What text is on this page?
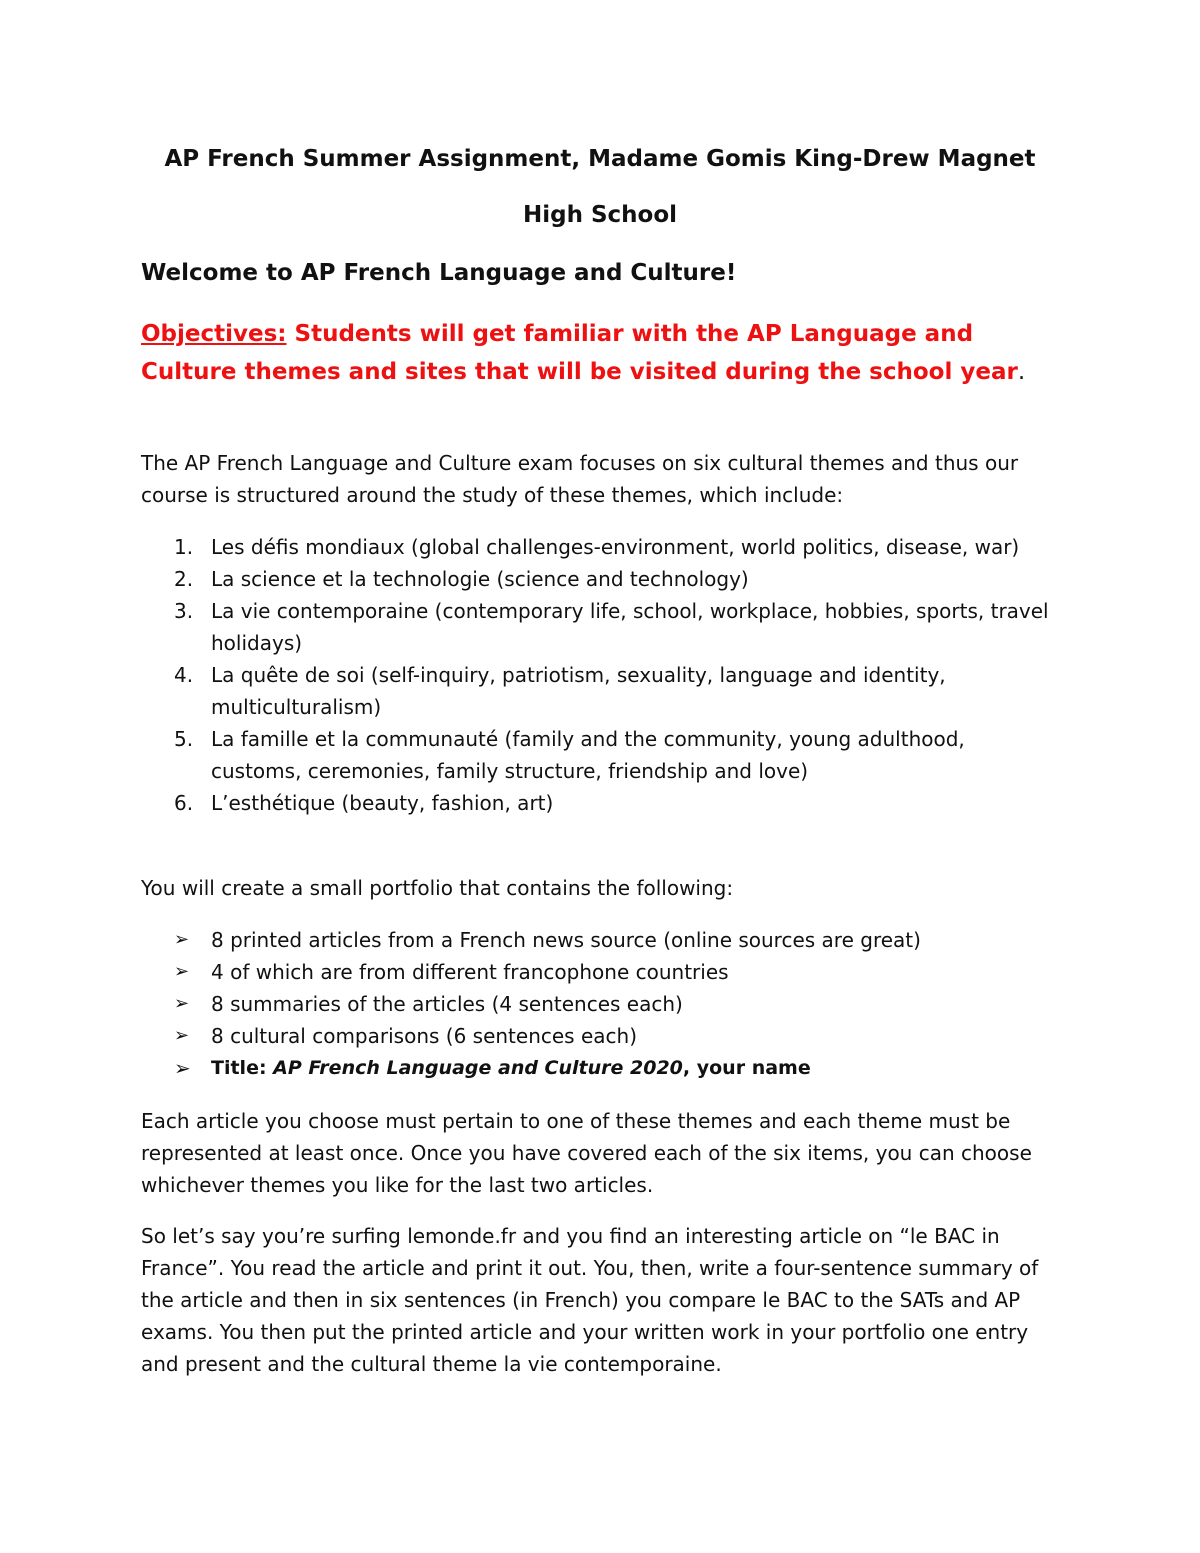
AP French Summer Assignment, Madame Gomis King-Drew Magnet
High School
Welcome to AP French Language and Culture!
Objectives: Students will get familiar with the AP Language and Culture themes and sites that will be visited during the school year.
The AP French Language and Culture exam focuses on six cultural themes and thus our course is structured around the study of these themes, which include:
1. Les défis mondiaux (global challenges-environment, world politics, disease, war)
2. La science et la technologie (science and technology)
3. La vie contemporaine (contemporary life, school, workplace, hobbies, sports, travel holidays)
4. La quête de soi (self-inquiry, patriotism, sexuality, language and identity, multiculturalism)
5. La famille et la communauté (family and the community, young adulthood, customs, ceremonies, family structure, friendship and love)
6. L’esthétique (beauty, fashion, art)
You will create a small portfolio that contains the following:
➢ 8 printed articles from a French news source (online sources are great)
➢ 4 of which are from different francophone countries
➢ 8 summaries of the articles (4 sentences each)
➢ 8 cultural comparisons (6 sentences each)
➢ Title: AP French Language and Culture 2020, your name
Each article you choose must pertain to one of these themes and each theme must be represented at least once. Once you have covered each of the six items, you can choose whichever themes you like for the last two articles.
So let’s say you’re surfing lemonde.fr and you find an interesting article on “le BAC in France”. You read the article and print it out. You, then, write a four-sentence summary of the article and then in six sentences (in French) you compare le BAC to the SATs and AP exams. You then put the printed article and your written work in your portfolio one entry and present and the cultural theme la vie contemporaine.
